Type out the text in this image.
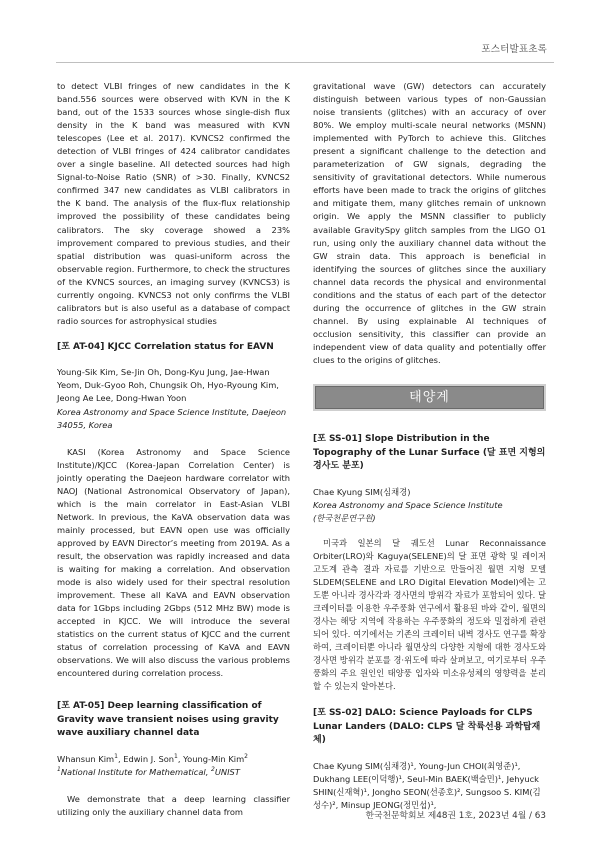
포스터발표초록

to detect VLBI fringes of new candidates in the K band.556 sources were observed with KVN in the K band, out of the 1533 sources whose single-dish flux density in the K band was measured with KVN telescopes (Lee et al. 2017). KVNCS2 confirmed the detection of VLBI fringes of 424 calibrator candidates over a single baseline. All detected sources had high Signal-to-Noise Ratio (SNR) of >30. Finally, KVNCS2 confirmed 347 new candidates as VLBI calibrators in the K band. The analysis of the flux-flux relationship improved the possibility of these candidates being calibrators. The sky coverage showed a 23% improvement compared to previous studies, and their spatial distribution was quasi-uniform across the observable region. Furthermore, to check the structures of the KVNCS sources, an imaging survey (KVNCS3) is currently ongoing. KVNCS3 not only confirms the VLBI calibrators but is also useful as a database of compact radio sources for astrophysical studies

[포 AT-04] KJCC Correlation status for EAVN

Young-Sik Kim, Se-Jin Oh, Dong-Kyu Jung, Jae-Hwan Yeom, Duk-Gyoo Roh, Chungsik Oh, Hyo-Ryoung Kim, Jeong Ae Lee, Dong-Hwan Yoon

Korea Astronomy and Space Science Institute, Daejeon 34055, Korea

KASI (Korea Astronomy and Space Science Institute)/KJCC (Korea-Japan Correlation Center) is jointly operating the Daejeon hardware correlator with NAOJ (National Astronomical Observatory of Japan), which is the main correlator in East-Asian VLBI Network. In previous, the KaVA observation data was mainly processed, but EAVN open use was officially approved by EAVN Director’s meeting from 2019A. As a result, the observation was rapidly increased and data is waiting for making a correlation. And observation mode is also widely used for their spectral resolution improvement. These all KaVA and EAVN observation data for 1Gbps including 2Gbps (512 MHz BW) mode is accepted in KJCC. We will introduce the several statistics on the current status of KJCC and the current status of correlation processing of KaVA and EAVN observations. We will also discuss the various problems encountered during correlation process.

[포 AT-05] Deep learning classification of Gravity wave transient noises using gravity wave auxiliary channel data

Whansun Kim$^1$, Edwin J. Son$^1$, Young-Min Kim$^2$

$^1$National Institute for Mathematical, $^2$UNIST

We demonstrate that a deep learning classifier utilizing only the auxiliary channel data from

gravitational wave (GW) detectors can accurately distinguish between various types of non-Gaussian noise transients (glitches) with an accuracy of over 80%. We employ multi-scale neural networks (MSNN) implemented with PyTorch to achieve this. Glitches present a significant challenge to the detection and parameterization of GW signals, degrading the sensitivity of gravitational detectors. While numerous efforts have been made to track the origins of glitches and mitigate them, many glitches remain of unknown origin. We apply the MSNN classifier to publicly available GravitySpy glitch samples from the LIGO O1 run, using only the auxiliary channel data without the GW strain data. This approach is beneficial in identifying the sources of glitches since the auxiliary channel data records the physical and environmental conditions and the status of each part of the detector during the occurrence of glitches in the GW strain channel. By using explainable AI techniques of occlusion sensitivity, this classifier can provide an independent view of data quality and potentially offer clues to the origins of glitches.

태양계
[포 SS-01] Slope Distribution in the Topography of the Lunar Surface (달 표면 지형의 경사도 분포)

Chae Kyung SIM(심채경)

Korea Astronomy and Space Science Institute
(한국천문연구원)

미국과 일본의 달 궤도선 Lunar Reconnaissance Orbiter(LRO)와 Kaguya(SELENE)의 달 표면 광학 및 레이저 고도계 관측 결과 자료를 기반으로 만들어진 월면 지형 모델 SLDEM(SELENE and LRO Digital Elevation Model)에는 고도뿐 아니라 경사각과 경사면의 방위각 자료가 포함되어 있다. 달 크레이터를 이용한 우주풍화 연구에서 활용된 바와 같이, 월면의 경사는 해당 지역에 작용하는 우주풍화의 정도와 밀접하게 관련되어 있다. 여기에서는 기존의 크레이터 내벽 경사도 연구를 확장하여, 크레이터뿐 아니라 월면상의 다양한 지형에 대한 경사도와 경사면 방위각 분포를 경·위도에 따라 살펴보고, 여기로부터 우주풍화의 주요 원인인 태양풍 입자와 미소유성체의 영향력을 분리할 수 있는지 알아본다.

[포 SS-02] DALO: Science Payloads for CLPS Lunar Landers (DALO: CLPS 달 착륙선용 과학탑재체)

Chae Kyung SIM(심채경)¹, Young-Jun CHOI(최영준)¹, Dukhang LEE(이덕행)¹, Seul-Min BAEK(백슬민)¹, Jehyuck SHIN(신재혁)¹, Jongho SEON(선종호)², Sungsoo S. KIM(김성수)², Minsup JEONG(정민섭)¹,

한국천문학회보 제48권 1호, 2023년 4월 / 63
